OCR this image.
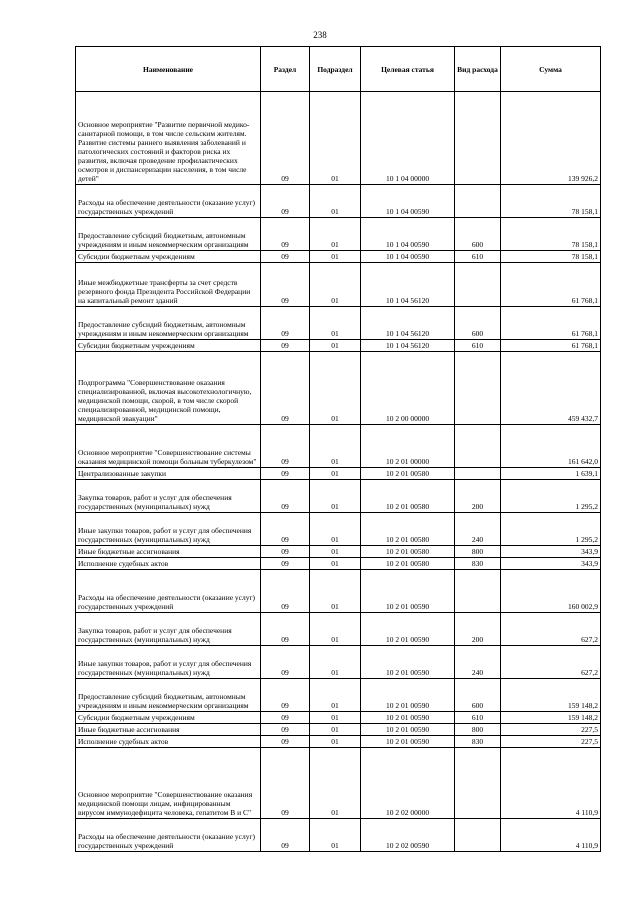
238
Наименование	Раздел	Подраздел	Целевая статья	Вид расхода	Сумма
Основное мероприятие "Развитие первичной медико-санитарной помощи, в том числе сельским жителям. Развитие системы раннего выявления заболеваний и патологических состояний и факторов риска их развития, включая проведение профилактических осмотров и диспансеризации населения, в том числе детей"	09	01	10 1 04 00000		139 926,2
Расходы на обеспечение деятельности (оказание услуг) государственных учреждений	09	01	10 1 04 00590		78 158,1
Предоставление субсидий бюджетным, автономным учреждениям и иным некоммерческим организациям	09	01	10 1 04 00590	600	78 158,1
Субсидии бюджетным учреждениям	09	01	10 1 04 00590	610	78 158,1
Иные межбюджетные трансферты за счет средств резервного фонда Президента Российской Федерации на капитальный ремонт зданий	09	01	10 1 04 56120		61 768,1
Предоставление субсидий бюджетным, автономным учреждениям и иным некоммерческим организациям	09	01	10 1 04 56120	600	61 768,1
Субсидии бюджетным учреждениям	09	01	10 1 04 56120	610	61 768,1
Подпрограмма "Совершенствование оказания специализированной, включая высокотехнологичную, медицинской помощи, скорой, в том числе скорой специализированной, медицинской помощи, медицинской эвакуации"	09	01	10 2 00 00000		459 432,7
Основное мероприятие "Совершенствование системы оказания медицинской помощи больным туберкулезом"	09	01	10 2 01 00000		161 642,0
Централизованные закупки	09	01	10 2 01 00580		1 639,1
Закупка товаров, работ и услуг для обеспечения государственных (муниципальных) нужд	09	01	10 2 01 00580	200	1 295,2
Иные закупки товаров, работ и услуг для обеспечения государственных (муниципальных) нужд	09	01	10 2 01 00580	240	1 295,2
Иные бюджетные ассигнования	09	01	10 2 01 00580	800	343,9
Исполнение судебных актов	09	01	10 2 01 00580	830	343,9
Расходы на обеспечение деятельности (оказание услуг) государственных учреждений	09	01	10 2 01 00590		160 002,9
Закупка товаров, работ и услуг для обеспечения государственных (муниципальных) нужд	09	01	10 2 01 00590	200	627,2
Иные закупки товаров, работ и услуг для обеспечения государственных (муниципальных) нужд	09	01	10 2 01 00590	240	627,2
Предоставление субсидий бюджетным, автономным учреждениям и иным некоммерческим организациям	09	01	10 2 01 00590	600	159 148,2
Субсидии бюджетным учреждениям	09	01	10 2 01 00590	610	159 148,2
Иные бюджетные ассигнования	09	01	10 2 01 00590	800	227,5
Исполнение судебных актов	09	01	10 2 01 00590	830	227,5
Основное мероприятие "Совершенствование оказания медицинской помощи лицам, инфицированным вирусом иммунодефицита человека, гепатитом В и С"	09	01	10 2 02 00000		4 110,9
Расходы на обеспечение деятельности (оказание услуг) государственных учреждений	09	01	10 2 02 00590		4 110,9
